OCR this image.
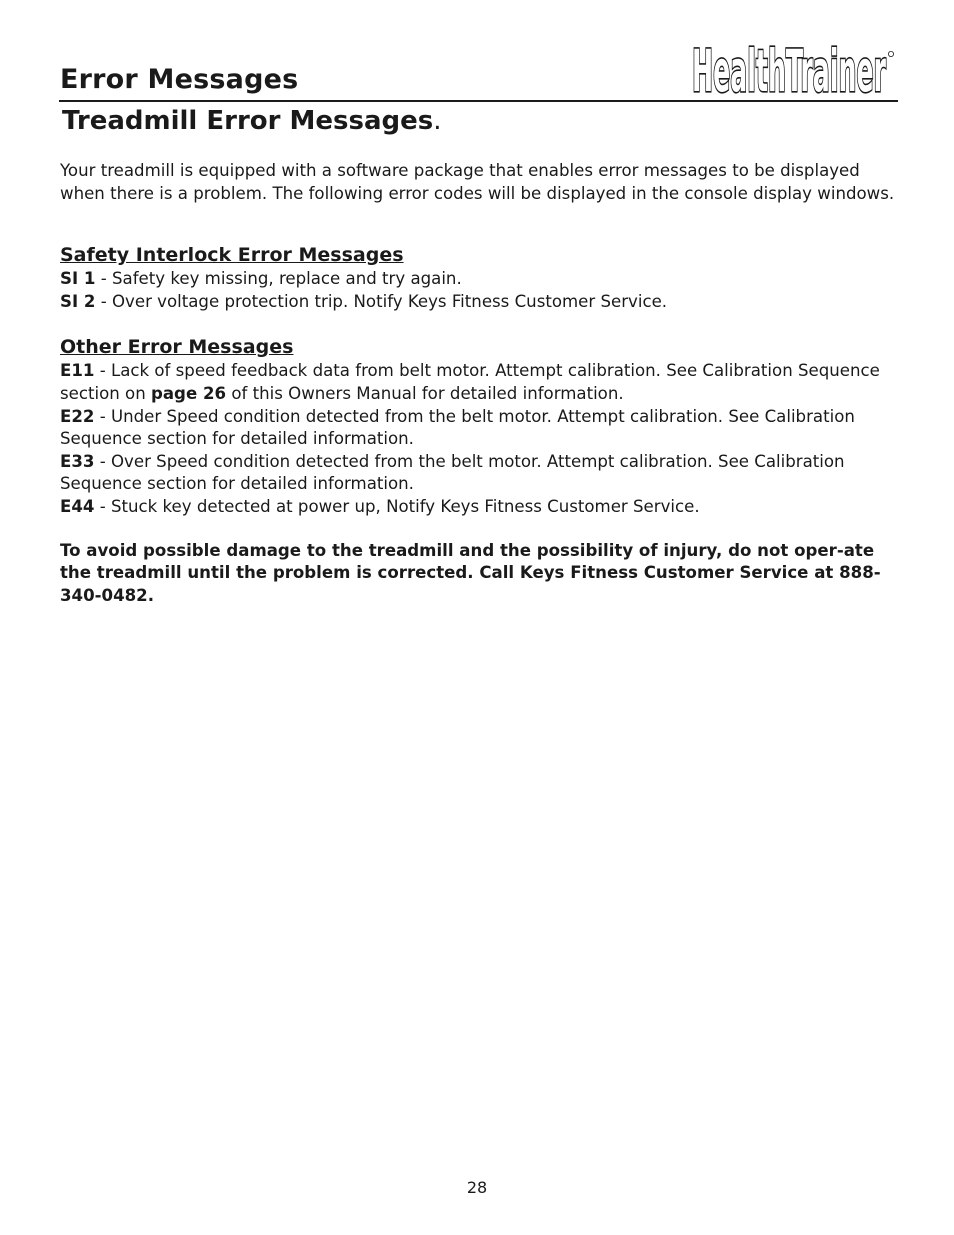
Error Messages	HealthTrainer
Treadmill Error Messages.

Your treadmill is equipped with a software package that enables error messages to be displayed when there is a problem. The following error codes will be displayed in the console display windows.

Safety Interlock Error Messages

SI 1 - Safety key missing, replace and try again.

SI 2 - Over voltage protection trip. Notify Keys Fitness Customer Service.

Other Error Messages

E11 - Lack of speed feedback data from belt motor. Attempt calibration. See Calibration Sequence section on page 26 of this Owners Manual for detailed information.

E22 - Under Speed condition detected from the belt motor. Attempt calibration. See Calibration Sequence section for detailed information.

E33 - Over Speed condition detected from the belt motor. Attempt calibration. See Calibration Sequence section for detailed information.

E44 - Stuck key detected at power up, Notify Keys Fitness Customer Service.

To avoid possible damage to the treadmill and the possibility of injury, do not oper-ate the treadmill until the problem is corrected. Call Keys Fitness Customer Service at 888-340-0482.

28
